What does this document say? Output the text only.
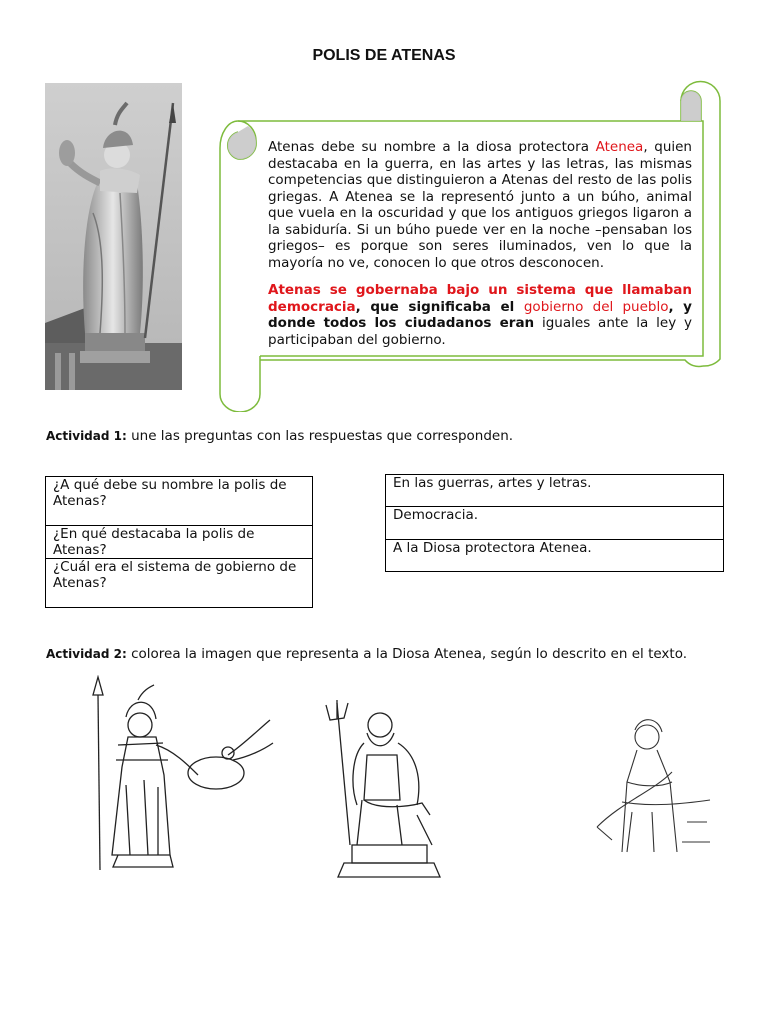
POLIS DE ATENAS

Atenas debe su nombre a la diosa protectora Atenea, quien destacaba en la guerra, en las artes y las letras, las mismas competencias que distinguieron a Atenas del resto de las polis griegas. A Atenea se la representó junto a un búho, animal que vuela en la oscuridad y que los antiguos griegos ligaron a la sabiduría. Si un búho puede ver en la noche –pensaban los griegos– es porque son seres iluminados, ven lo que la mayoría no ve, conocen lo que otros desconocen.

Atenas se gobernaba bajo un sistema que llamaban democracia, que significaba el gobierno del pueblo, y donde todos los ciudadanos eran iguales ante la ley y participaban del gobierno.

Actividad 1: une las preguntas con las respuestas que corresponden.
¿A qué debe su nombre la polis de Atenas?
¿En qué destacaba la polis de Atenas?
¿Cuál era el sistema de gobierno de Atenas?
En las guerras, artes y letras.
Democracia.
A la Diosa protectora Atenea.
Actividad 2: colorea la imagen que representa a la Diosa Atenea, según lo descrito en el texto.
